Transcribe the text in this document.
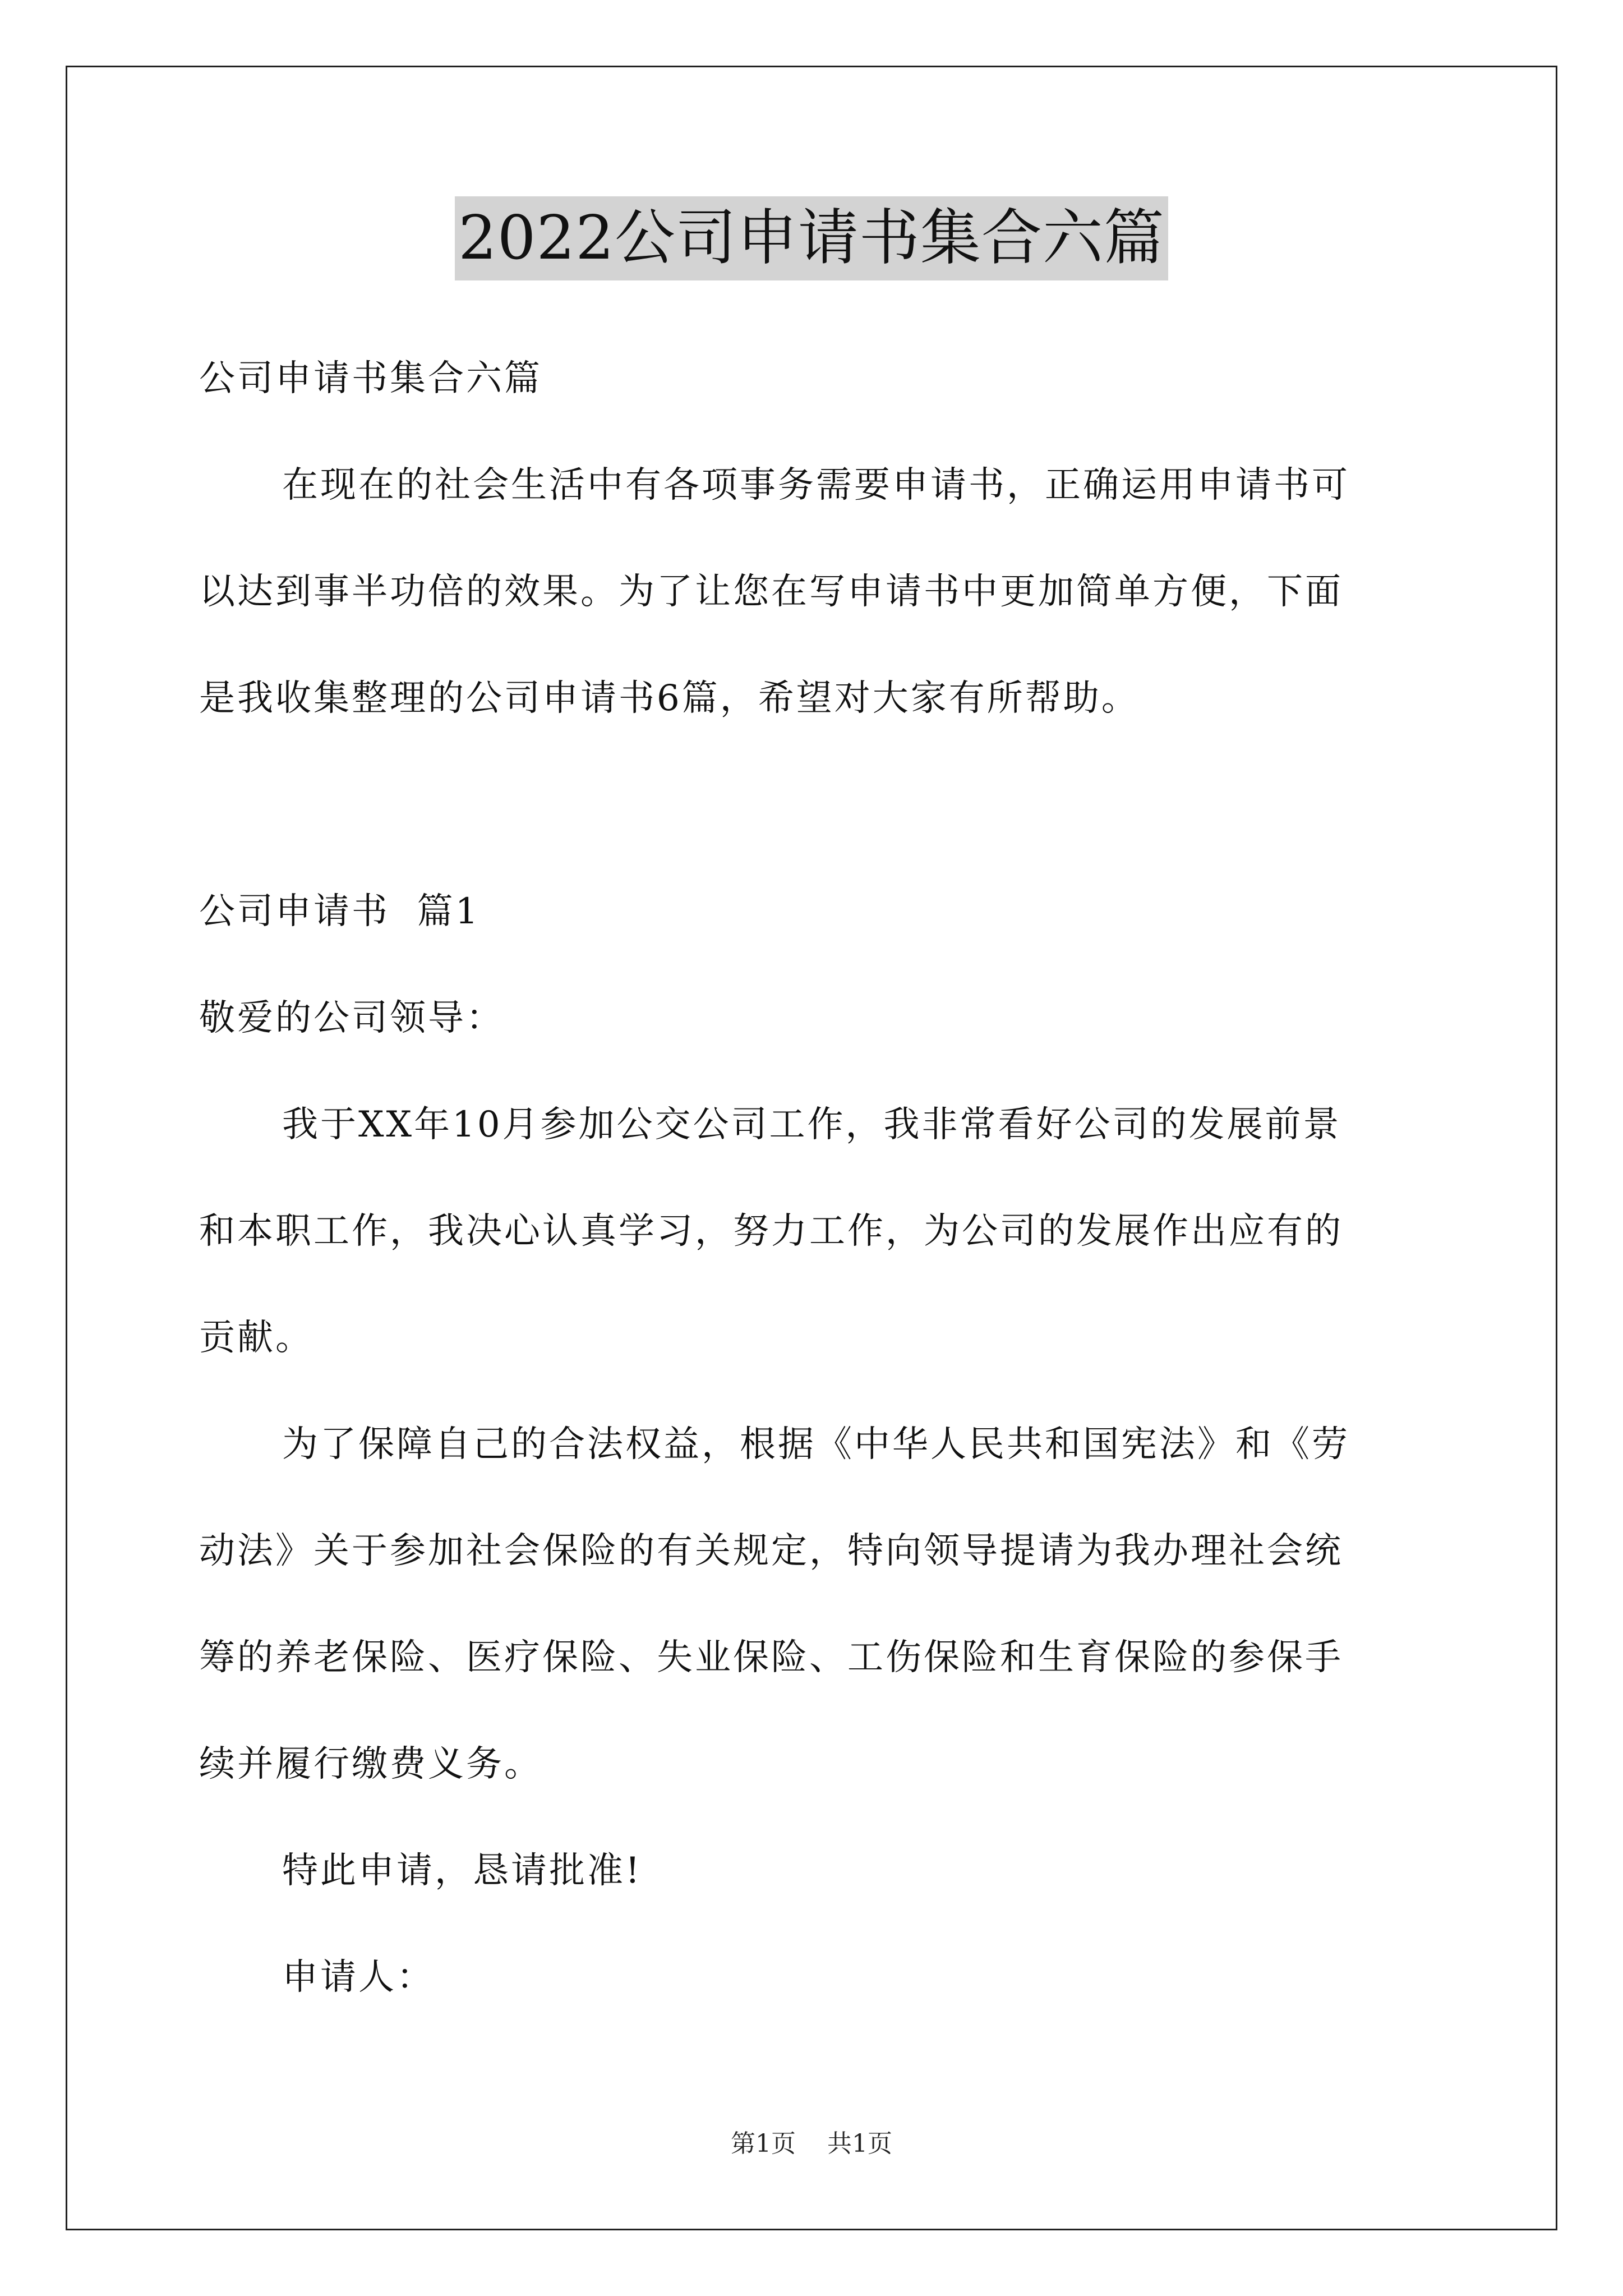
2022公司申请书集合六篇
公司申请书集合六篇
在现在的社会生活中有各项事务需要申请书，正确运用申请书可
以达到事半功倍的效果。为了让您在写申请书中更加简单方便，下面
是我收集整理的公司申请书6篇，希望对大家有所帮助。
公司申请书  篇1
敬爱的公司领导：
我于XX年10月参加公交公司工作，我非常看好公司的发展前景
和本职工作，我决心认真学习，努力工作，为公司的发展作出应有的
贡献。
为了保障自己的合法权益，根据《中华人民共和国宪法》和《劳
动法》关于参加社会保险的有关规定，特向领导提请为我办理社会统
筹的养老保险、医疗保险、失业保险、工伤保险和生育保险的参保手
续并履行缴费义务。
特此申请，恳请批准!
申请人：
第1页 共1页
